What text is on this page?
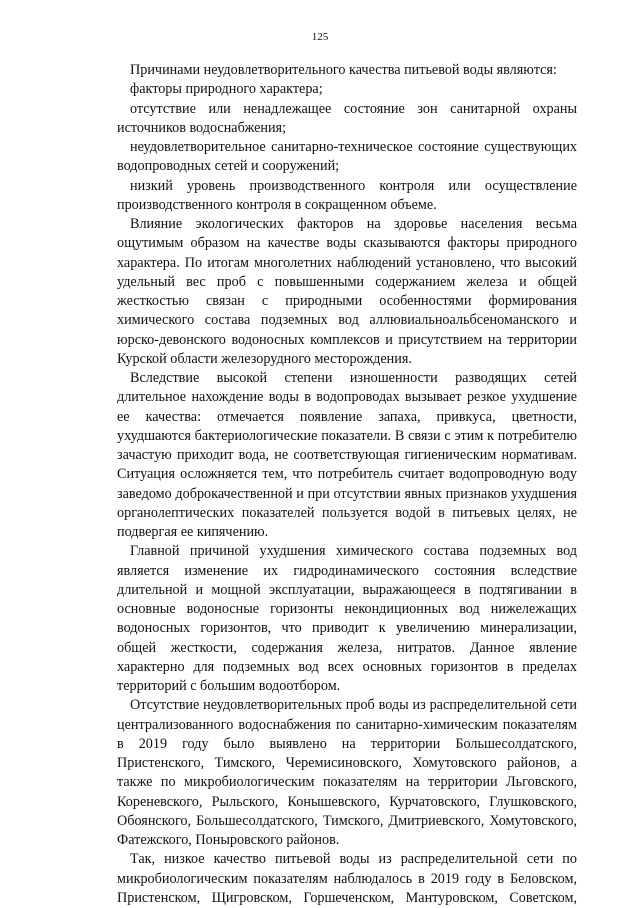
125

Причинами неудовлетворительного качества питьевой воды являются:

факторы природного характера;

отсутствие или ненадлежащее состояние зон санитарной охраны источников водоснабжения;

неудовлетворительное санитарно-техническое состояние существующих водопроводных сетей и сооружений;

низкий уровень производственного контроля или осуществление производственного контроля в сокращенном объеме.

Влияние экологических факторов на здоровье населения весьма ощутимым образом на качестве воды сказываются факторы природного характера. По итогам многолетних наблюдений установлено, что высокий удельный вес проб с повышенными содержанием железа и общей жесткостью связан с природными особенностями формирования химического состава подземных вод аллювиальноальбсеноманского и юрско-девонского водоносных комплексов и присутствием на территории Курской области железорудного месторождения.

Вследствие высокой степени изношенности разводящих сетей длительное нахождение воды в водопроводах вызывает резкое ухудшение ее качества: отмечается появление запаха, привкуса, цветности, ухудшаются бактериологические показатели. В связи с этим к потребителю зачастую приходит вода, не соответствующая гигиеническим нормативам. Ситуация осложняется тем, что потребитель считает водопроводную воду заведомо доброкачественной и при отсутствии явных признаков ухудшения органолептических показателей пользуется водой в питьевых целях, не подвергая ее кипячению.

Главной причиной ухудшения химического состава подземных вод является изменение их гидродинамического состояния вследствие длительной и мощной эксплуатации, выражающееся в подтягивании в основные водоносные горизонты некондиционных вод нижележащих водоносных горизонтов, что приводит к увеличению минерализации, общей жесткости, содержания железа, нитратов. Данное явление характерно для подземных вод всех основных горизонтов в пределах территорий с большим водоотбором.

Отсутствие неудовлетворительных проб воды из распределительной сети централизованного водоснабжения по санитарно-химическим показателям в 2019 году было выявлено на территории Большесолдатского, Пристенского, Тимского, Черемисиновского, Хомутовского районов, а также по микробиологическим показателям на территории Льговского, Кореневского, Рыльского, Конышевского, Курчатовского, Глушковского, Обоянского, Большесолдатского, Тимского, Дмитриевского, Хомутовского, Фатежского, Поныровского районов.

Так, низкое качество питьевой воды из распределительной сети по микробиологическим показателям наблюдалось в 2019 году в Беловском, Пристенском, Щигровском, Горшеченском, Мантуровском, Советском,
